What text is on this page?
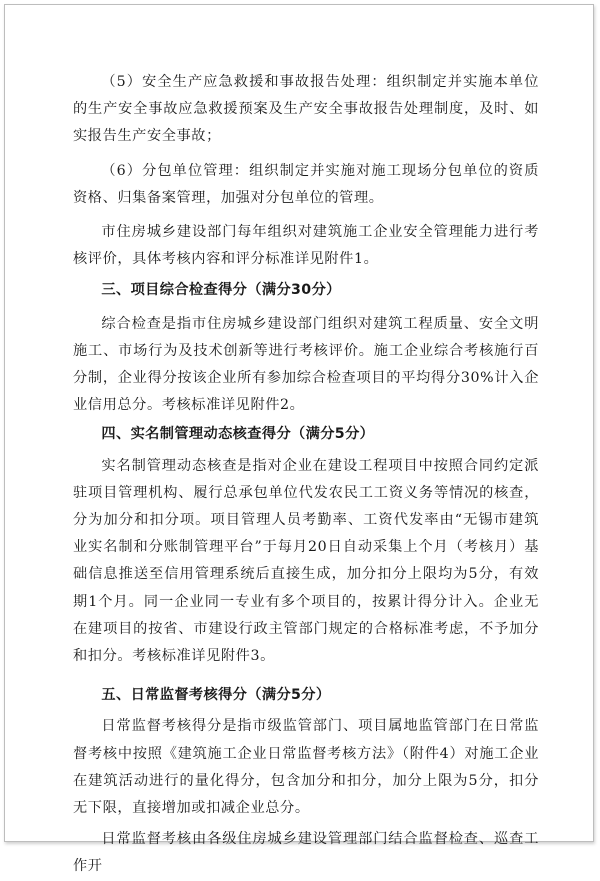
（5）安全生产应急救援和事故报告处理：组织制定并实施本单位的生产安全事故应急救援预案及生产安全事故报告处理制度，及时、如实报告生产安全事故；

（6）分包单位管理：组织制定并实施对施工现场分包单位的资质资格、归集备案管理，加强对分包单位的管理。

市住房城乡建设部门每年组织对建筑施工企业安全管理能力进行考核评价，具体考核内容和评分标准详见附件1。

三、项目综合检查得分（满分30分）

综合检查是指市住房城乡建设部门组织对建筑工程质量、安全文明施工、市场行为及技术创新等进行考核评价。施工企业综合考核施行百分制，企业得分按该企业所有参加综合检查项目的平均得分30%计入企业信用总分。考核标准详见附件2。

四、实名制管理动态核查得分（满分5分）

实名制管理动态核查是指对企业在建设工程项目中按照合同约定派驻项目管理机构、履行总承包单位代发农民工工资义务等情况的核查，分为加分和扣分项。项目管理人员考勤率、工资代发率由“无锡市建筑业实名制和分账制管理平台”于每月20日自动采集上个月（考核月）基础信息推送至信用管理系统后直接生成，加分扣分上限均为5分，有效期1个月。同一企业同一专业有多个项目的，按累计得分计入。企业无在建项目的按省、市建设行政主管部门规定的合格标准考虑，不予加分和扣分。考核标准详见附件3。

五、日常监督考核得分（满分5分）

日常监督考核得分是指市级监管部门、项目属地监管部门在日常监督考核中按照《建筑施工企业日常监督考核方法》（附件4）对施工企业在建筑活动进行的量化得分，包含加分和扣分，加分上限为5分，扣分无下限，直接增加或扣减企业总分。

日常监督考核由各级住房城乡建设管理部门结合监督检查、巡查工作开
